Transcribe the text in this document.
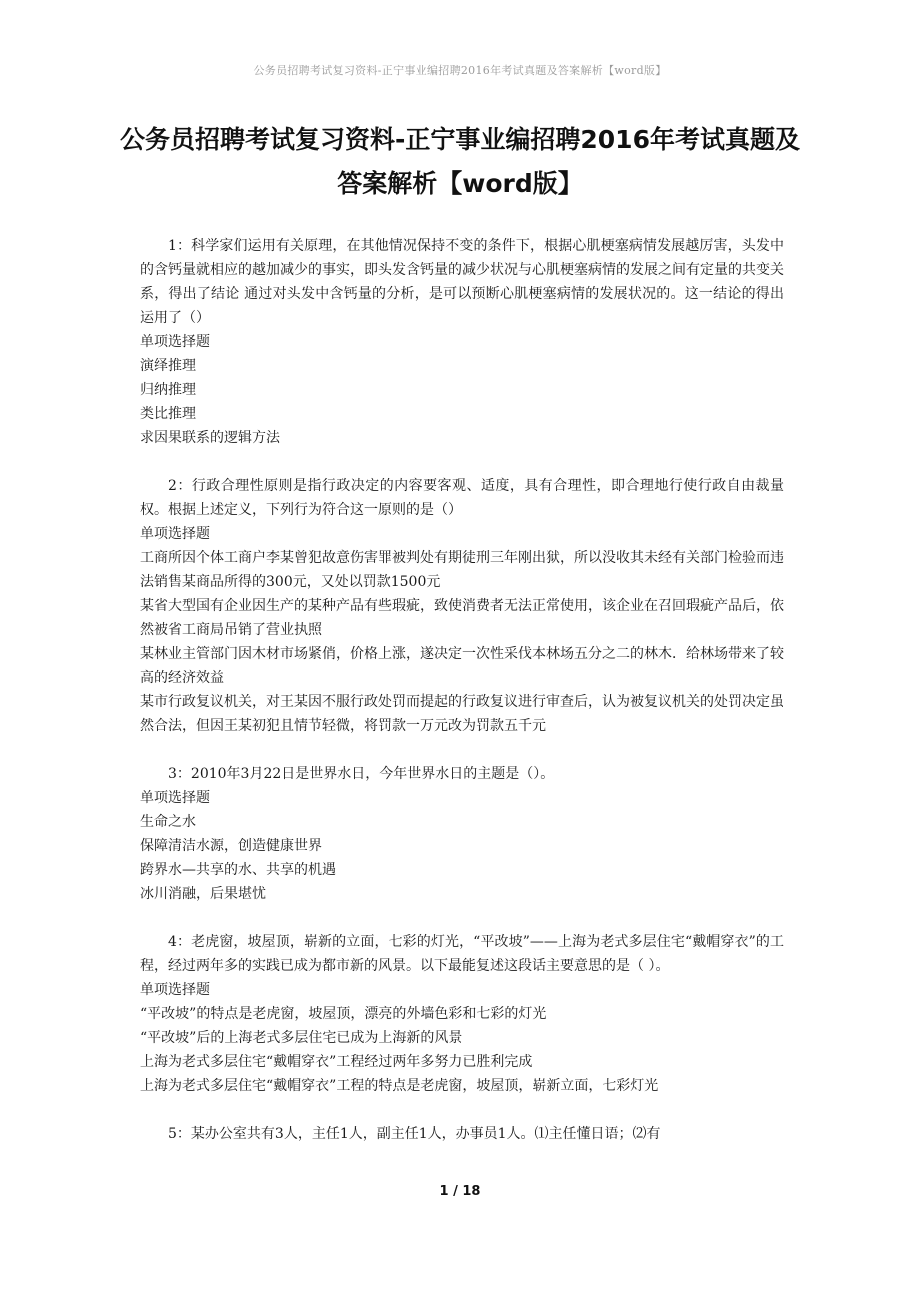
公务员招聘考试复习资料-正宁事业编招聘2016年考试真题及答案解析【word版】
公务员招聘考试复习资料-正宁事业编招聘2016年考试真题及答案解析【word版】

1：科学家们运用有关原理，在其他情况保持不变的条件下，根据心肌梗塞病情发展越厉害，头发中的含钙量就相应的越加减少的事实，即头发含钙量的减少状况与心肌梗塞病情的发展之间有定量的共变关系，得出了结论 通过对头发中含钙量的分析，是可以预断心肌梗塞病情的发展状况的。这一结论的得出运用了（）

单项选择题

演绎推理

归纳推理

类比推理

求因果联系的逻辑方法

2：行政合理性原则是指行政决定的内容要客观、适度，具有合理性，即合理地行使行政自由裁量权。根据上述定义，下列行为符合这一原则的是（）

单项选择题

工商所因个体工商户李某曾犯故意伤害罪被判处有期徒刑三年刚出狱，所以没收其未经有关部门检验而违法销售某商品所得的300元，又处以罚款1500元

某省大型国有企业因生产的某种产品有些瑕疵，致使消费者无法正常使用，该企业在召回瑕疵产品后，依然被省工商局吊销了营业执照

某林业主管部门因木材市场紧俏，价格上涨，遂决定一次性采伐本林场五分之二的林木．给林场带来了较高的经济效益

某市行政复议机关，对王某因不服行政处罚而提起的行政复议进行审查后，认为被复议机关的处罚决定虽然合法，但因王某初犯且情节轻微，将罚款一万元改为罚款五千元

3：2010年3月22日是世界水日，今年世界水日的主题是（）。

单项选择题

生命之水

保障清洁水源，创造健康世界

跨界水—共享的水、共享的机遇

冰川消融，后果堪忧

4：老虎窗，坡屋顶，崭新的立面，七彩的灯光，“平改坡”——上海为老式多层住宅“戴帽穿衣”的工程，经过两年多的实践已成为都市新的风景。以下最能复述这段话主要意思的是（ ）。

单项选择题

“平改坡”的特点是老虎窗，坡屋顶，漂亮的外墙色彩和七彩的灯光

“平改坡”后的上海老式多层住宅已成为上海新的风景

上海为老式多层住宅“戴帽穿衣”工程经过两年多努力已胜利完成

上海为老式多层住宅“戴帽穿衣”工程的特点是老虎窗，坡屋顶，崭新立面，七彩灯光

5：某办公室共有3人，主任1人，副主任1人，办事员1人。⑴主任懂日语；⑵有

1 / 18
